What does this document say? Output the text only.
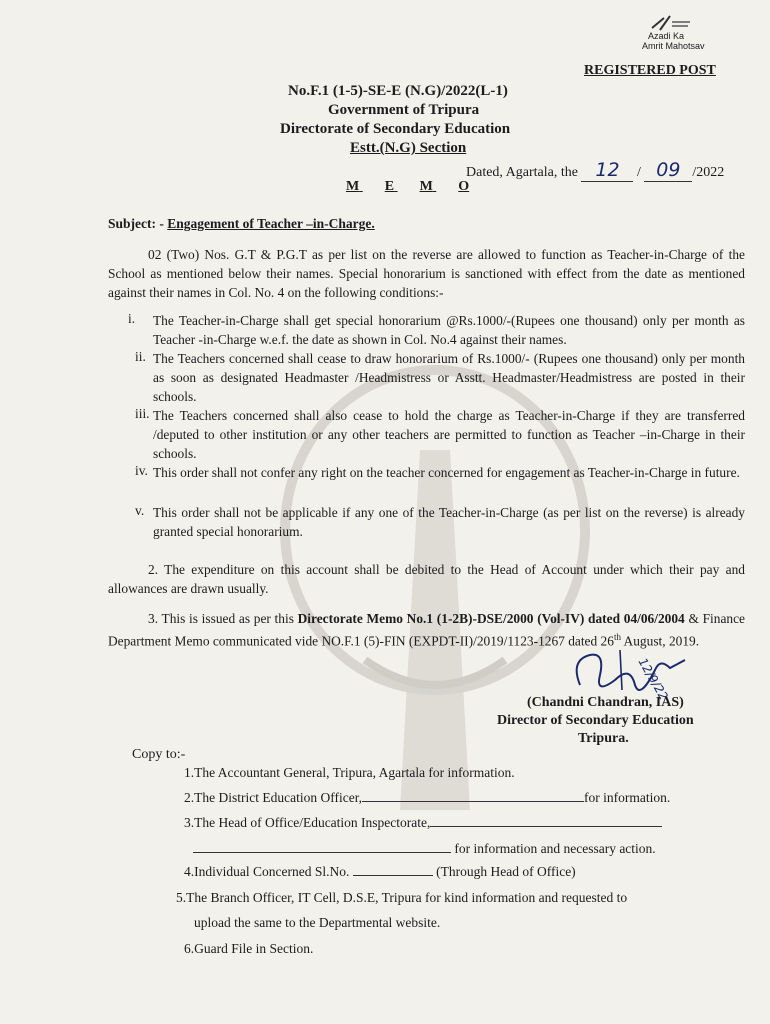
Azadi Ka
Amrit Mahotsav
REGISTERED POST
No.F.1 (1-5)-SE-E (N.G)/2022(L-1)
Government of Tripura
Directorate of Secondary Education
Estt.(N.G) Section
Dated, Agartala, the 12 / 09 /2022
M E M O
Subject: - Engagement of Teacher –in-Charge.
02 (Two) Nos. G.T & P.G.T as per list on the reverse are allowed to function as Teacher-in-Charge of the School as mentioned below their names. Special honorarium is sanctioned with effect from the date as mentioned against their names in Col. No. 4 on the following conditions:-
i. The Teacher-in-Charge shall get special honorarium @Rs.1000/-(Rupees one thousand) only per month as Teacher -in-Charge w.e.f. the date as shown in Col. No.4 against their names.
ii. The Teachers concerned shall cease to draw honorarium of Rs.1000/- (Rupees one thousand) only per month as soon as designated Headmaster /Headmistress or Asstt. Headmaster/Headmistress are posted in their schools.
iii. The Teachers concerned shall also cease to hold the charge as Teacher-in-Charge if they are transferred /deputed to other institution or any other teachers are permitted to function as Teacher –in-Charge in their schools.
iv. This order shall not confer any right on the teacher concerned for engagement as Teacher-in-Charge in future.
v. This order shall not be applicable if any one of the Teacher-in-Charge (as per list on the reverse) is already granted special honorarium.
2. The expenditure on this account shall be debited to the Head of Account under which their pay and allowances are drawn usually.
3. This is issued as per this Directorate Memo No.1 (1-2B)-DSE/2000 (Vol-IV) dated 04/06/2004 & Finance Department Memo communicated vide NO.F.1 (5)-FIN (EXPDT-II)/2019/1123-1267 dated 26th August, 2019.
12/9/22
(Chandni Chandran, IAS)
Director of Secondary Education
Tripura.
Copy to:-
1.The Accountant General, Tripura, Agartala for information.
2.The District Education Officer,	for information.
3.The Head of Office/Education Inspectorate,
for information and necessary action.
4.Individual Concerned Sl.No.	(Through Head of Office)
5.The Branch Officer, IT Cell, D.S.E, Tripura for kind information and requested to
upload the same to the Departmental website.
6.Guard File in Section.
